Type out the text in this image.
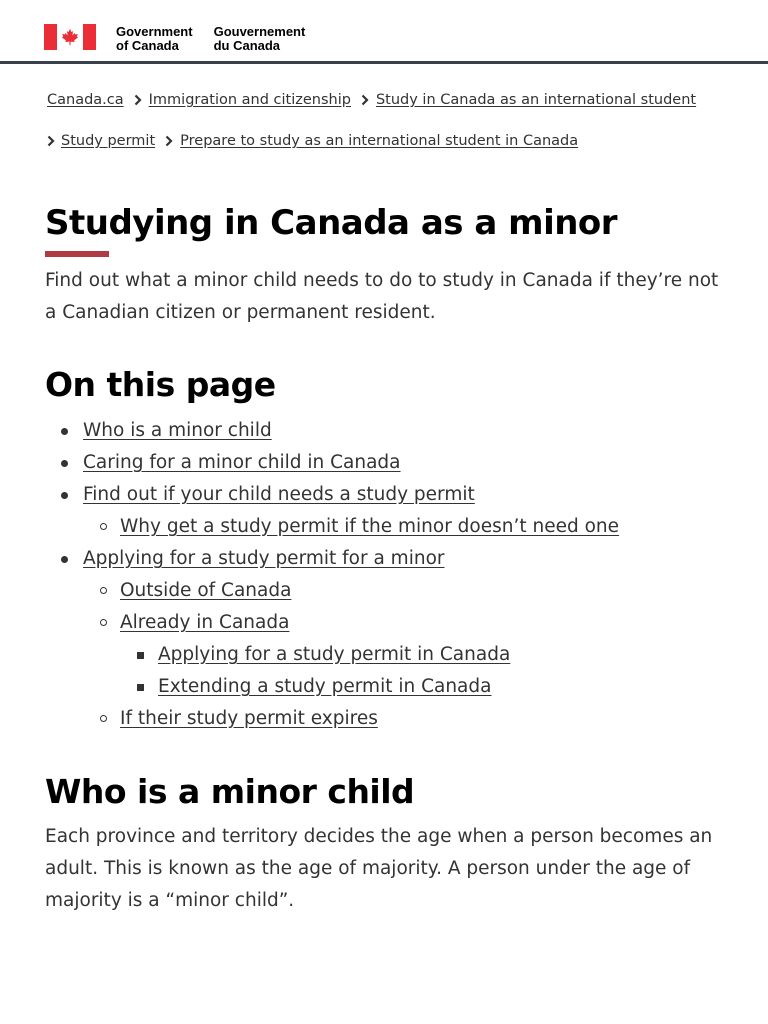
Government
of Canada
Gouvernement
du Canada
Canada.ca Immigration and citizenship Study in Canada as an international student
Study permit Prepare to study as an international student in Canada
Studying in Canada as a minor

Find out what a minor child needs to do to study in Canada if they’re not a Canadian citizen or permanent resident.

On this page
Who is a minor child
Caring for a minor child in Canada
Find out if your child needs a study permit
Why get a study permit if the minor doesn’t need one
Applying for a study permit for a minor
Outside of Canada
Already in Canada
Applying for a study permit in Canada
Extending a study permit in Canada
If their study permit expires
Who is a minor child

Each province and territory decides the age when a person becomes an adult. This is known as the age of majority. A person under the age of majority is a “minor child”.
